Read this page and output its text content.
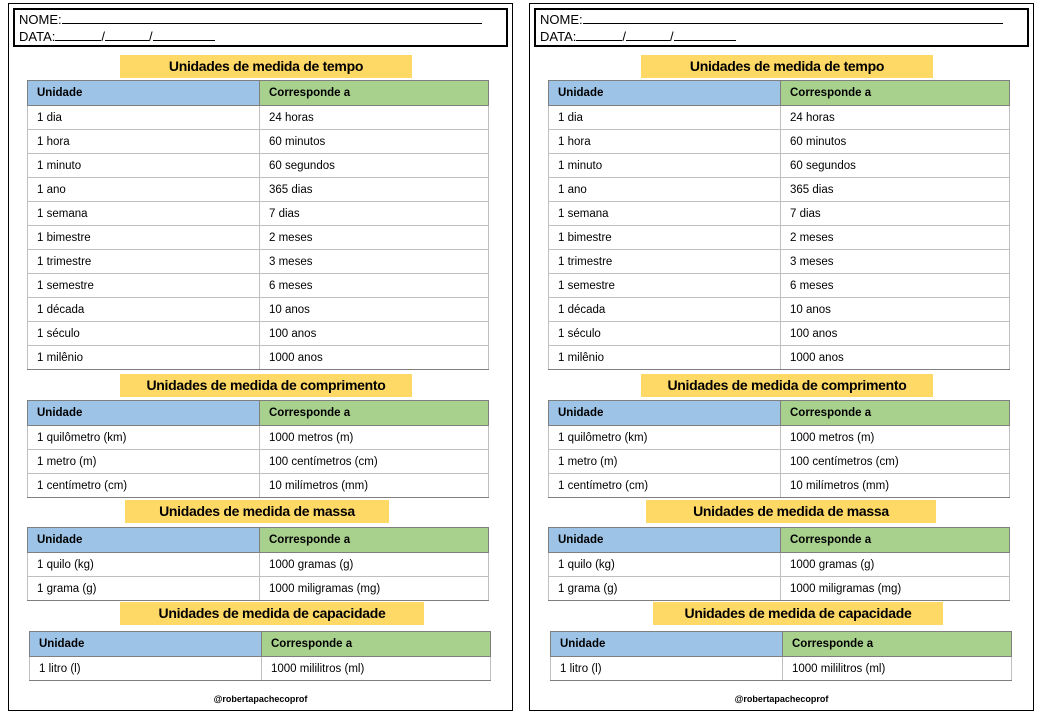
NOME:
DATA:	/	/
Unidades de medida de tempo
Unidade	Corresponde a
1 dia	24 horas
1 hora	60 minutos
1 minuto	60 segundos
1 ano	365 dias
1 semana	7 dias
1 bimestre	2 meses
1 trimestre	3 meses
1 semestre	6 meses
1 década	10 anos
1 século	100 anos
1 milênio	1000 anos
Unidades de medida de comprimento
Unidade	Corresponde a
1 quilômetro (km)	1000 metros (m)
1 metro (m)	100 centímetros (cm)
1 centímetro (cm)	10 milímetros (mm)
Unidades de medida de massa
Unidade	Corresponde a
1 quilo (kg)	1000 gramas (g)
1 grama (g)	1000 miligramas (mg)
Unidades de medida de capacidade
Unidade	Corresponde a
1 litro (l)	1000 mililitros (ml)
@robertapachecoprof
NOME:
DATA:	/	/
Unidades de medida de tempo
Unidade	Corresponde a
1 dia	24 horas
1 hora	60 minutos
1 minuto	60 segundos
1 ano	365 dias
1 semana	7 dias
1 bimestre	2 meses
1 trimestre	3 meses
1 semestre	6 meses
1 década	10 anos
1 século	100 anos
1 milênio	1000 anos
Unidades de medida de comprimento
Unidade	Corresponde a
1 quilômetro (km)	1000 metros (m)
1 metro (m)	100 centímetros (cm)
1 centímetro (cm)	10 milímetros (mm)
Unidades de medida de massa
Unidade	Corresponde a
1 quilo (kg)	1000 gramas (g)
1 grama (g)	1000 miligramas (mg)
Unidades de medida de capacidade
Unidade	Corresponde a
1 litro (l)	1000 mililitros (ml)
@robertapachecoprof
